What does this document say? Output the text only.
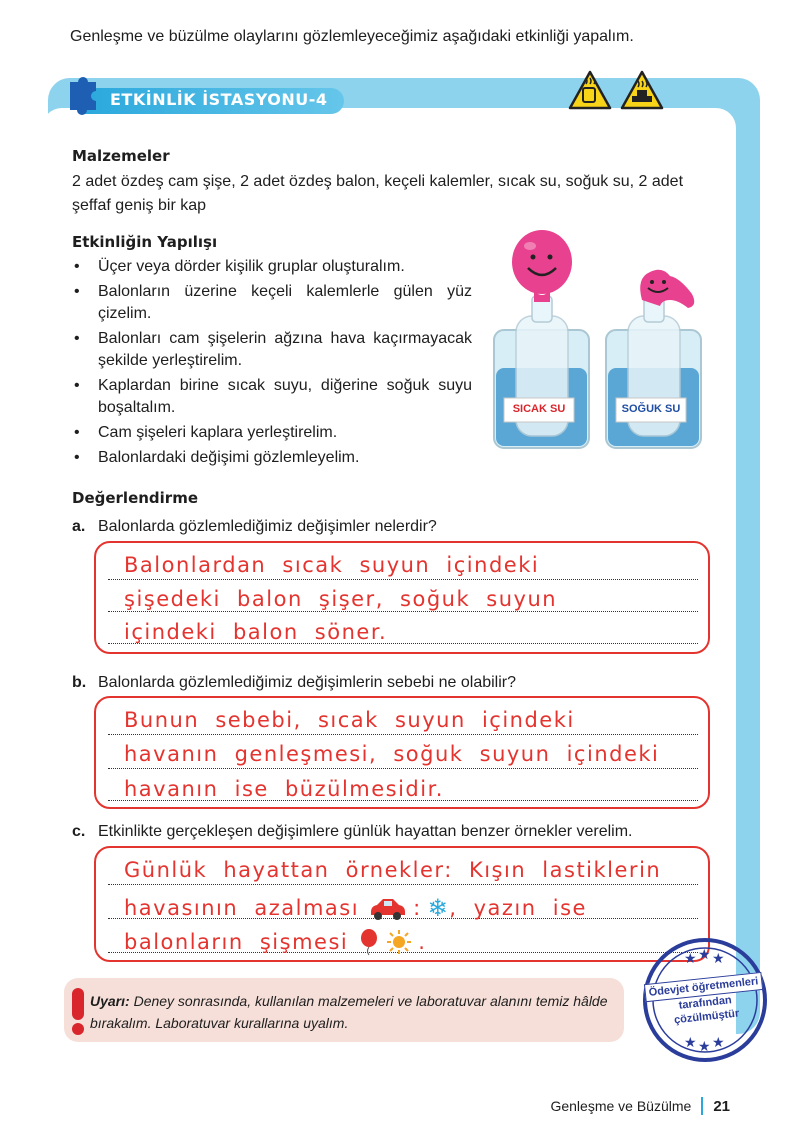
Genleşme ve büzülme olaylarını gözlemleyeceğimiz aşağıdaki etkinliği yapalım.
ETKİNLİK İSTASYONU-4
Malzemeler
2 adet özdeş cam şişe, 2 adet özdeş balon, keçeli kalemler, sıcak su, soğuk su, 2 adet şeffaf geniş bir kap
Etkinliğin Yapılışı
• Üçer veya dörder kişilik gruplar oluşturalım.
• Balonların üzerine keçeli kalemlerle gülen yüz çizelim.
• Balonları cam şişelerin ağzına hava kaçırmayacak şekilde yerleştirelim.
• Kaplardan birine sıcak suyu, diğerine soğuk suyu boşaltalım.
• Cam şişeleri kaplara yerleştirelim.
• Balonlardaki değişimi gözlemleyelim.
SICAK SU	SOĞUK SU
Değerlendirme
a. Balonlarda gözlemlediğimiz değişimler nelerdir?
Balonlardan sıcak suyun içindeki
şişedeki balon şişer, soğuk suyun
içindeki balon söner.
b. Balonlarda gözlemlediğimiz değişimlerin sebebi ne olabilir?
Bunun sebebi, sıcak suyun içindeki
havanın genleşmesi, soğuk suyun içindeki
havanın ise büzülmesidir.
c. Etkinlikte gerçekleşen değişimlere günlük hayattan benzer örnekler verelim.
Günlük hayattan örnekler: Kışın lastiklerin
havasının azalması	: ❄ , yazın ise
balonların şişmesi	.
Uyarı: Deney sonrasında, kullanılan malzemeleri ve laboratuvar alanını temiz hâlde bırakalım. Laboratuvar kurallarına uyalım.
★ ★ ★
★ ★ ★
Ödevjet öğretmenleri
tarafından
çözülmüştür
Genleşme ve Büzülme 21
